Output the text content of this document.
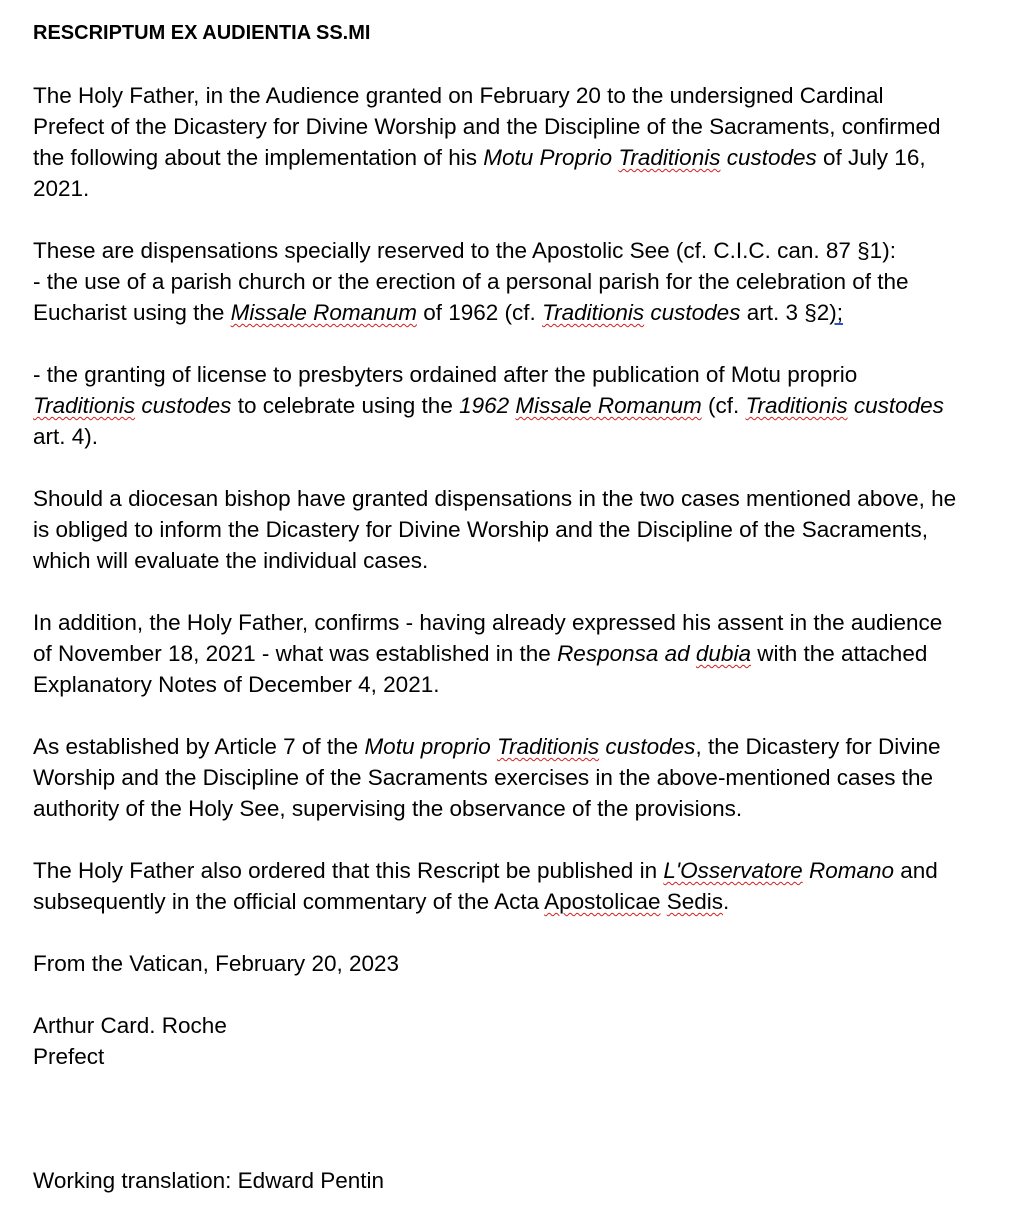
RESCRIPTUM EX AUDIENTIA SS.MI
The Holy Father, in the Audience granted on February 20 to the undersigned Cardinal
Prefect of the Dicastery for Divine Worship and the Discipline of the Sacraments, confirmed
the following about the implementation of his Motu Proprio Traditionis custodes of July 16,
2021.
These are dispensations specially reserved to the Apostolic See (cf. C.I.C. can. 87 §1):
- the use of a parish church or the erection of a personal parish for the celebration of the
Eucharist using the Missale Romanum of 1962 (cf. Traditionis custodes art. 3 §2);
- the granting of license to presbyters ordained after the publication of Motu proprio
Traditionis custodes to celebrate using the 1962 Missale Romanum (cf. Traditionis custodes
art. 4).
Should a diocesan bishop have granted dispensations in the two cases mentioned above, he
is obliged to inform the Dicastery for Divine Worship and the Discipline of the Sacraments,
which will evaluate the individual cases.
In addition, the Holy Father, confirms - having already expressed his assent in the audience
of November 18, 2021 - what was established in the Responsa ad dubia with the attached
Explanatory Notes of December 4, 2021.
As established by Article 7 of the Motu proprio Traditionis custodes, the Dicastery for Divine
Worship and the Discipline of the Sacraments exercises in the above-mentioned cases the
authority of the Holy See, supervising the observance of the provisions.
The Holy Father also ordered that this Rescript be published in L'Osservatore Romano and
subsequently in the official commentary of the Acta Apostolicae Sedis.
From the Vatican, February 20, 2023
Arthur Card. Roche
Prefect
Working translation: Edward Pentin
